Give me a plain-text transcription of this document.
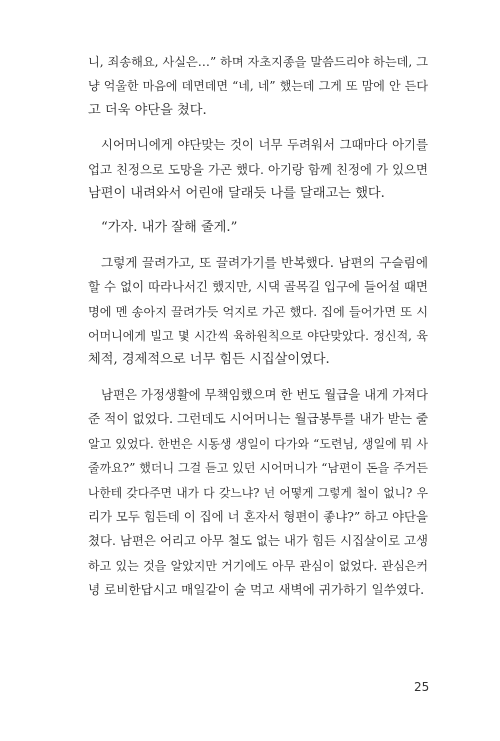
니, 죄송해요, 사실은…” 하며 자초지종을 말씀드리야 하는데, 그
냥 억울한 마음에 데면데면 “네, 네” 했는데 그게 또 맘에 안 든다
고 더욱 야단을 쳤다.

시어머니에게 야단맞는 것이 너무 두려워서 그때마다 아기를
업고 친정으로 도망을 가곤 했다. 아기랑 함께 친정에 가 있으면
남편이 내려와서 어린애 달래듯 나를 달래고는 했다.

“가자. 내가 잘해 줄게.”

그렇게 끌려가고, 또 끌려가기를 반복했다. 남편의 구슬림에
할 수 없이 따라나서긴 했지만, 시댁 골목길 입구에 들어설 때면
명에 멘 송아지 끌려가듯 억지로 가곤 했다. 집에 들어가면 또 시
어머니에게 빌고 몇 시간씩 육하원칙으로 야단맞았다. 정신적, 육
체적, 경제적으로 너무 힘든 시집살이였다.

남편은 가정생활에 무책임했으며 한 번도 월급을 내게 가져다
준 적이 없었다. 그런데도 시어머니는 월급봉투를 내가 받는 줄
알고 있었다. 한번은 시동생 생일이 다가와 “도련님, 생일에 뭐 사
줄까요?” 했더니 그걸 듣고 있던 시어머니가 “남편이 돈을 주거든
나한테 갖다주면 내가 다 갖느냐? 넌 어떻게 그렇게 철이 없니? 우
리가 모두 힘든데 이 집에 너 혼자서 형편이 좋냐?” 하고 야단을
쳤다. 남편은 어리고 아무 철도 없는 내가 힘든 시집살이로 고생
하고 있는 것을 알았지만 거기에도 아무 관심이 없었다. 관심은커
녕 로비한답시고 매일같이 술 먹고 새벽에 귀가하기 일쑤였다.

25
